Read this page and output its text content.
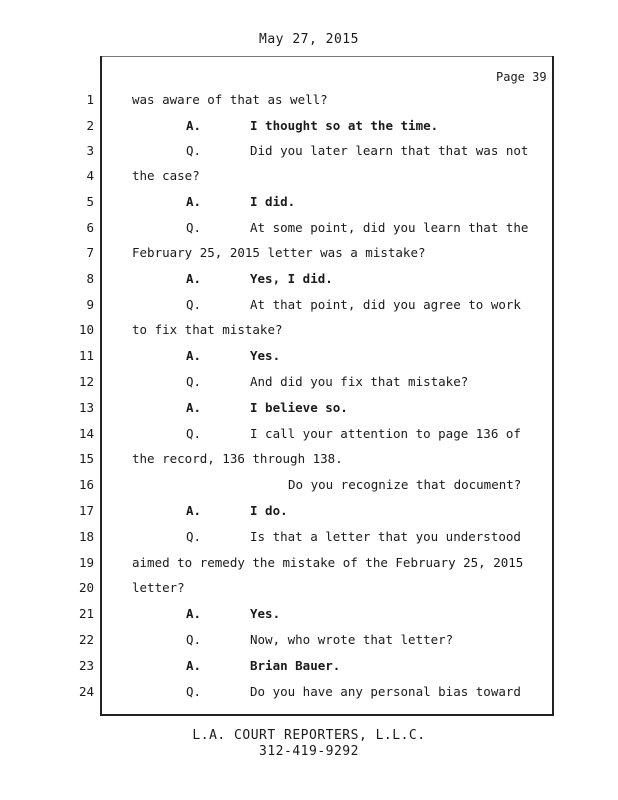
May 27, 2015
Page 39
1	was aware of that as well?
2	A.	I thought so at the time.
3	Q.	Did you later learn that that was not
4	the case?
5	A.	I did.
6	Q.	At some point, did you learn that the
7	February 25, 2015 letter was a mistake?
8	A.	Yes, I did.
9	Q.	At that point, did you agree to work
10	to fix that mistake?
11	A.	Yes.
12	Q.	And did you fix that mistake?
13	A.	I believe so.
14	Q.	I call your attention to page 136 of
15	the record, 136 through 138.
16	Do you recognize that document?
17	A.	I do.
18	Q.	Is that a letter that you understood
19	aimed to remedy the mistake of the February 25, 2015
20	letter?
21	A.	Yes.
22	Q.	Now, who wrote that letter?
23	A.	Brian Bauer.
24	Q.	Do you have any personal bias toward
L.A. COURT REPORTERS, L.L.C.
312-419-9292
